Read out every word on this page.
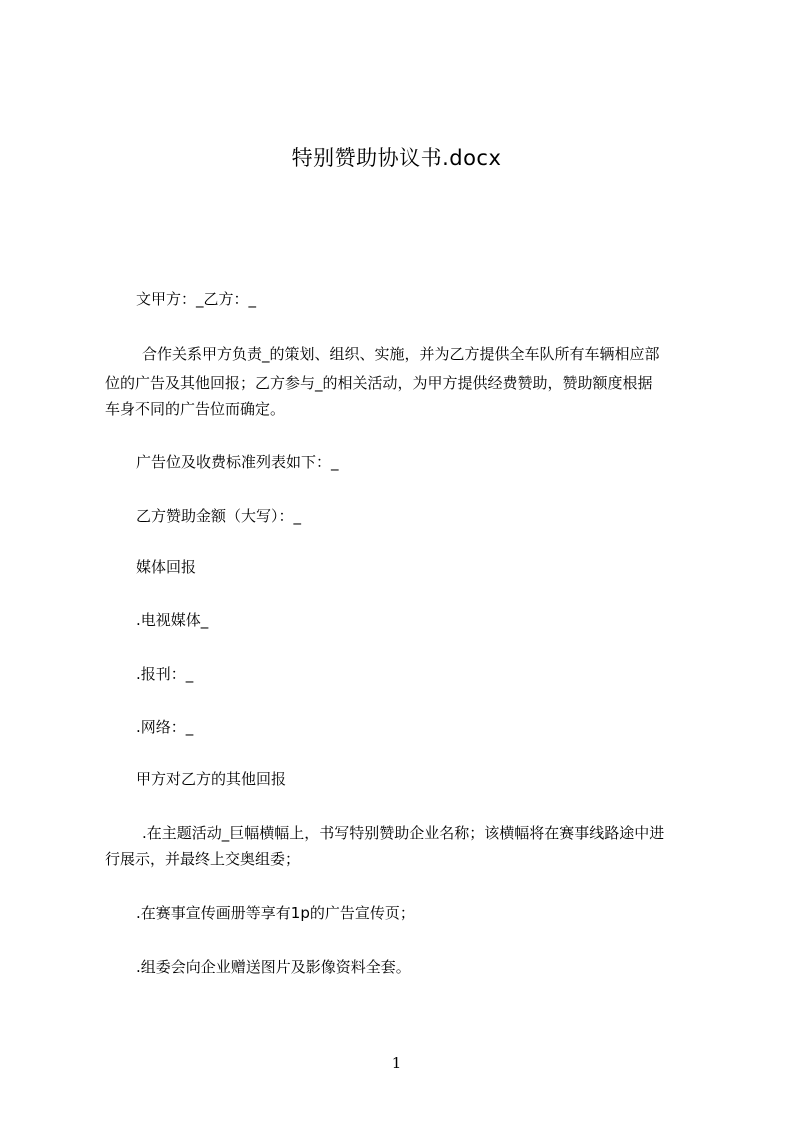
特别赞助协议书.docx
文甲方：_乙方：_
合作关系甲方负责_的策划、组织、实施，并为乙方提供全车队所有车辆相应部
位的广告及其他回报；乙方参与_的相关活动，为甲方提供经费赞助，赞助额度根据
车身不同的广告位而确定。
广告位及收费标准列表如下：_
乙方赞助金额（大写）：_
媒体回报
.电视媒体_
.报刊：_
.网络：_
甲方对乙方的其他回报
.在主题活动_巨幅横幅上，书写特别赞助企业名称；该横幅将在赛事线路途中进
行展示，并最终上交奥组委；
.在赛事宣传画册等享有1p的广告宣传页；
.组委会向企业赠送图片及影像资料全套。
1
